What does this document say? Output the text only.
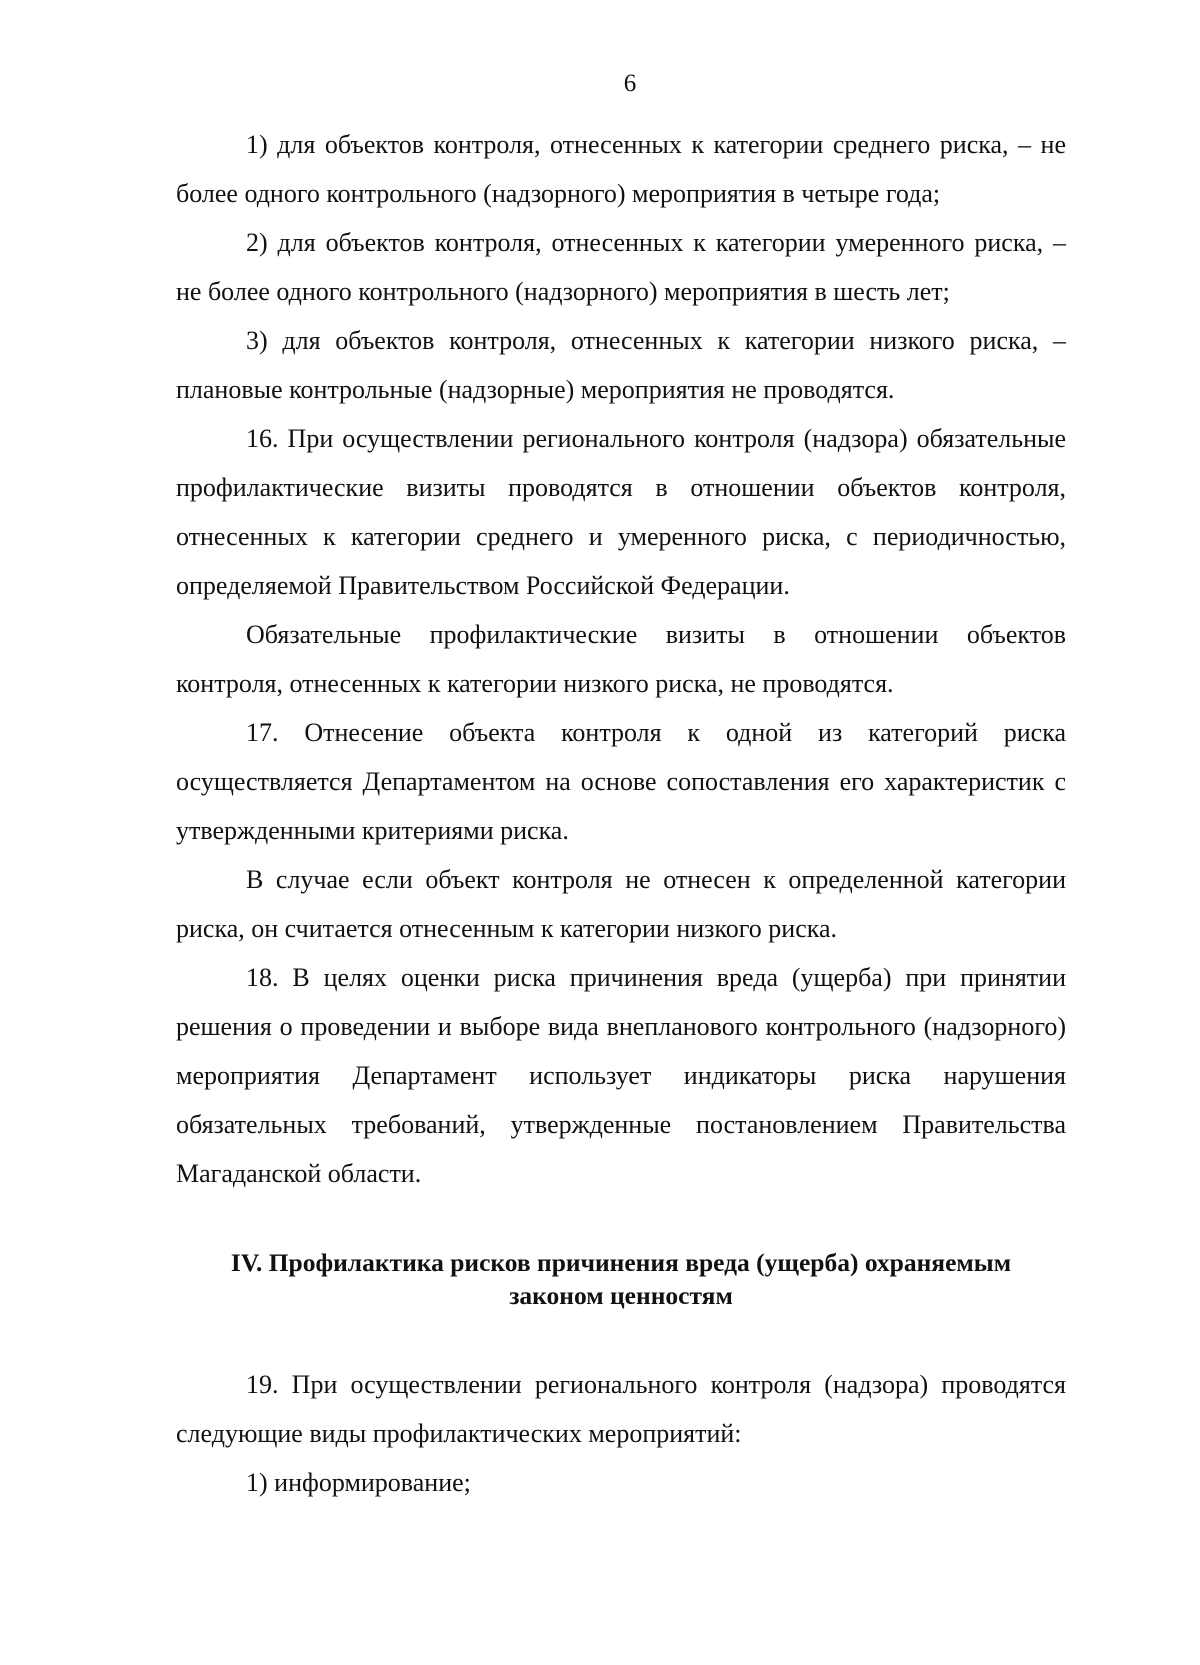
6

1) для объектов контроля, отнесенных к категории среднего риска, – не более одного контрольного (надзорного) мероприятия в четыре года;

2) для объектов контроля, отнесенных к категории умеренного риска, – не более одного контрольного (надзорного) мероприятия в шесть лет;

3) для объектов контроля, отнесенных к категории низкого риска, – плановые контрольные (надзорные) мероприятия не проводятся.

16. При осуществлении регионального контроля (надзора) обязательные профилактические визиты проводятся в отношении объектов контроля, отнесенных к категории среднего и умеренного риска, с периодичностью, определяемой Правительством Российской Федерации.

Обязательные профилактические визиты в отношении объектов контроля, отнесенных к категории низкого риска, не проводятся.

17. Отнесение объекта контроля к одной из категорий риска осуществляется Департаментом на основе сопоставления его характеристик с утвержденными критериями риска.

В случае если объект контроля не отнесен к определенной категории риска, он считается отнесенным к категории низкого риска.

18. В целях оценки риска причинения вреда (ущерба) при принятии решения о проведении и выборе вида внепланового контрольного (надзорного) мероприятия Департамент использует индикаторы риска нарушения обязательных требований, утвержденные постановлением Правительства Магаданской области.

IV. Профилактика рисков причинения вреда (ущерба) охраняемым
законом ценностям

19. При осуществлении регионального контроля (надзора) проводятся следующие виды профилактических мероприятий:

1) информирование;
